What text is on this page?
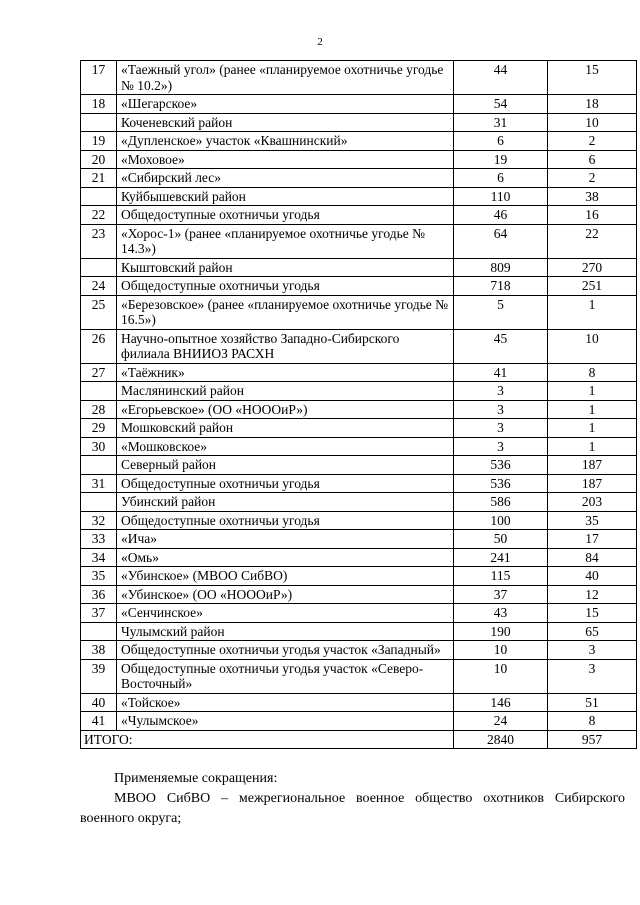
2
17	«Таежный угол» (ранее «планируемое охотничье угодье № 10.2»)	44	15
18	«Шегарское»	54	18
	Коченевский район	31	10
19	«Дупленское» участок «Квашнинский»	6	2
20	«Моховое»	19	6
21	«Сибирский лес»	6	2
	Куйбышевский район	110	38
22	Общедоступные охотничьи угодья	46	16
23	«Хорос-1» (ранее «планируемое охотничье угодье № 14.3»)	64	22
	Кыштовский район	809	270
24	Общедоступные охотничьи угодья	718	251
25	«Березовское» (ранее «планируемое охотничье угодье № 16.5»)	5	1
26	Научно-опытное хозяйство Западно-Сибирского филиала ВНИИОЗ РАСХН	45	10
27	«Таёжник»	41	8
	Маслянинский район	3	1
28	«Егорьевское» (ОО «НОООиР»)	3	1
29	Мошковский район	3	1
30	«Мошковское»	3	1
	Северный район	536	187
31	Общедоступные охотничьи угодья	536	187
	Убинский район	586	203
32	Общедоступные охотничьи угодья	100	35
33	«Ича»	50	17
34	«Омь»	241	84
35	«Убинское» (МВОО СибВО)	115	40
36	«Убинское» (ОО «НОООиР»)	37	12
37	«Сенчинское»	43	15
	Чулымский район	190	65
38	Общедоступные охотничьи угодья участок «Западный»	10	3
39	Общедоступные охотничьи угодья участок «Северо-Восточный»	10	3
40	«Тойское»	146	51
41	«Чулымское»	24	8
ИТОГО:		2840	957

Применяемые сокращения:

МВОО СибВО – межрегиональное военное общество охотников Сибирского военного округа;
